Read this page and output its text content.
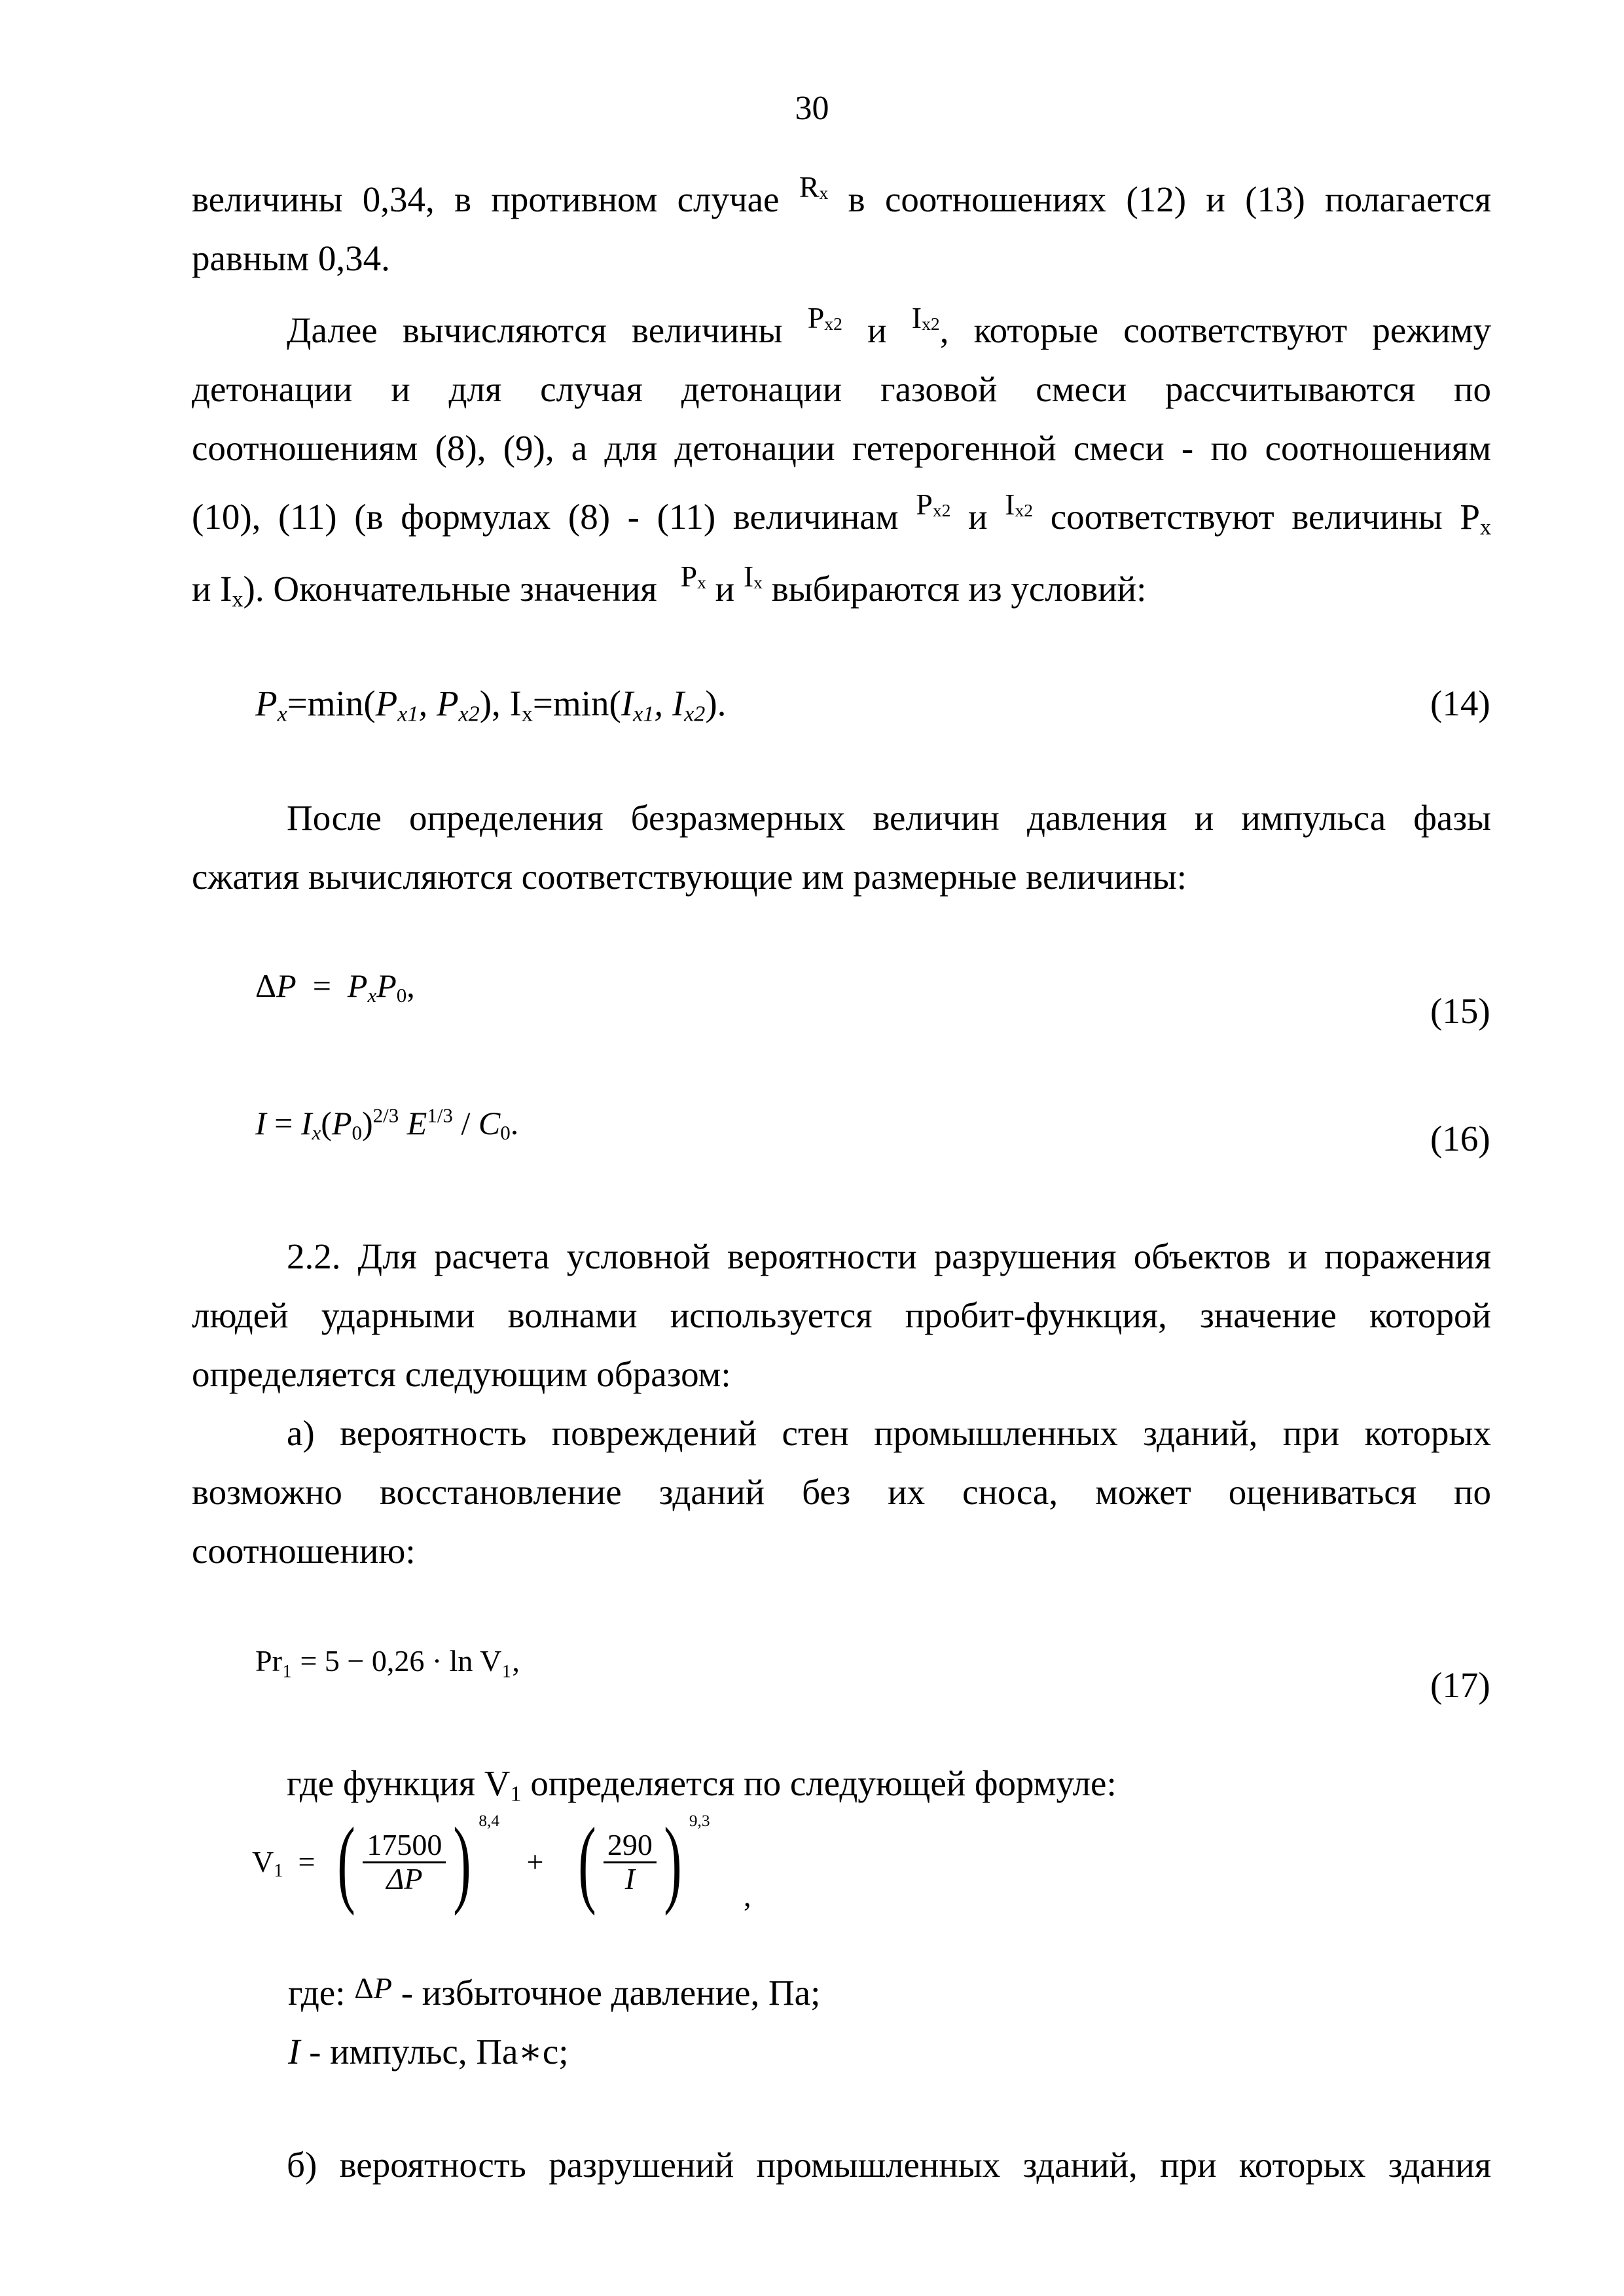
30
величины 0,34, в противном случае $^{R_x}$ в соотношениях (12) и (13) полагается
равным 0,34.
Далее вычисляются величины $^{P_{x2}}$ и $^{I_{x2}}$, которые соответствуют режиму
детонации и для случая детонации газовой смеси рассчитываются по
соотношениям (8), (9), а для детонации гетерогенной смеси - по соотношениям
(10), (11) (в формулах (8) - (11) величинам $^{P_{x2}}$ и $^{I_{x2}}$ соответствуют величины $P_x$
и $I_x$). Окончательные значения $^{P_x}$ и $^{I_x}$ выбираются из условий:
$P_x=\min(P_{x1}$, $P_{x2}$), $I_x=\min(I_{x1}$, $I_{x2}$).	(14)
После определения безразмерных величин давления и импульса фазы
сжатия вычисляются соответствующие им размерные величины:
$\Delta P = P_xP_0$,
(15)
$I = I_x(P_0)^{2/3}$ $E^{1/3} / C_0$.	(16)
2.2. Для расчета условной вероятности разрушения объектов и поражения
людей ударными волнами используется пробит-функция, значение которой
определяется следующим образом:
а) вероятность повреждений стен промышленных зданий, при которых
возможно восстановление зданий без их сноса, может оцениваться по
соотношению:
Pr₁ = 5 − 0,26 · ln V₁,
(17)
где функция $V_1$ определяется по следующей формуле:
$V_1$  =  ( $\frac{17500}{\Delta P}$ ) $^{8,4}$ + ( $\frac{290}{I}$ ) $^{9,3}$ ,
где: ΔP - избыточное давление, Па;
I - импульс, Па∗с;
б) вероятность разрушений промышленных зданий, при которых здания
